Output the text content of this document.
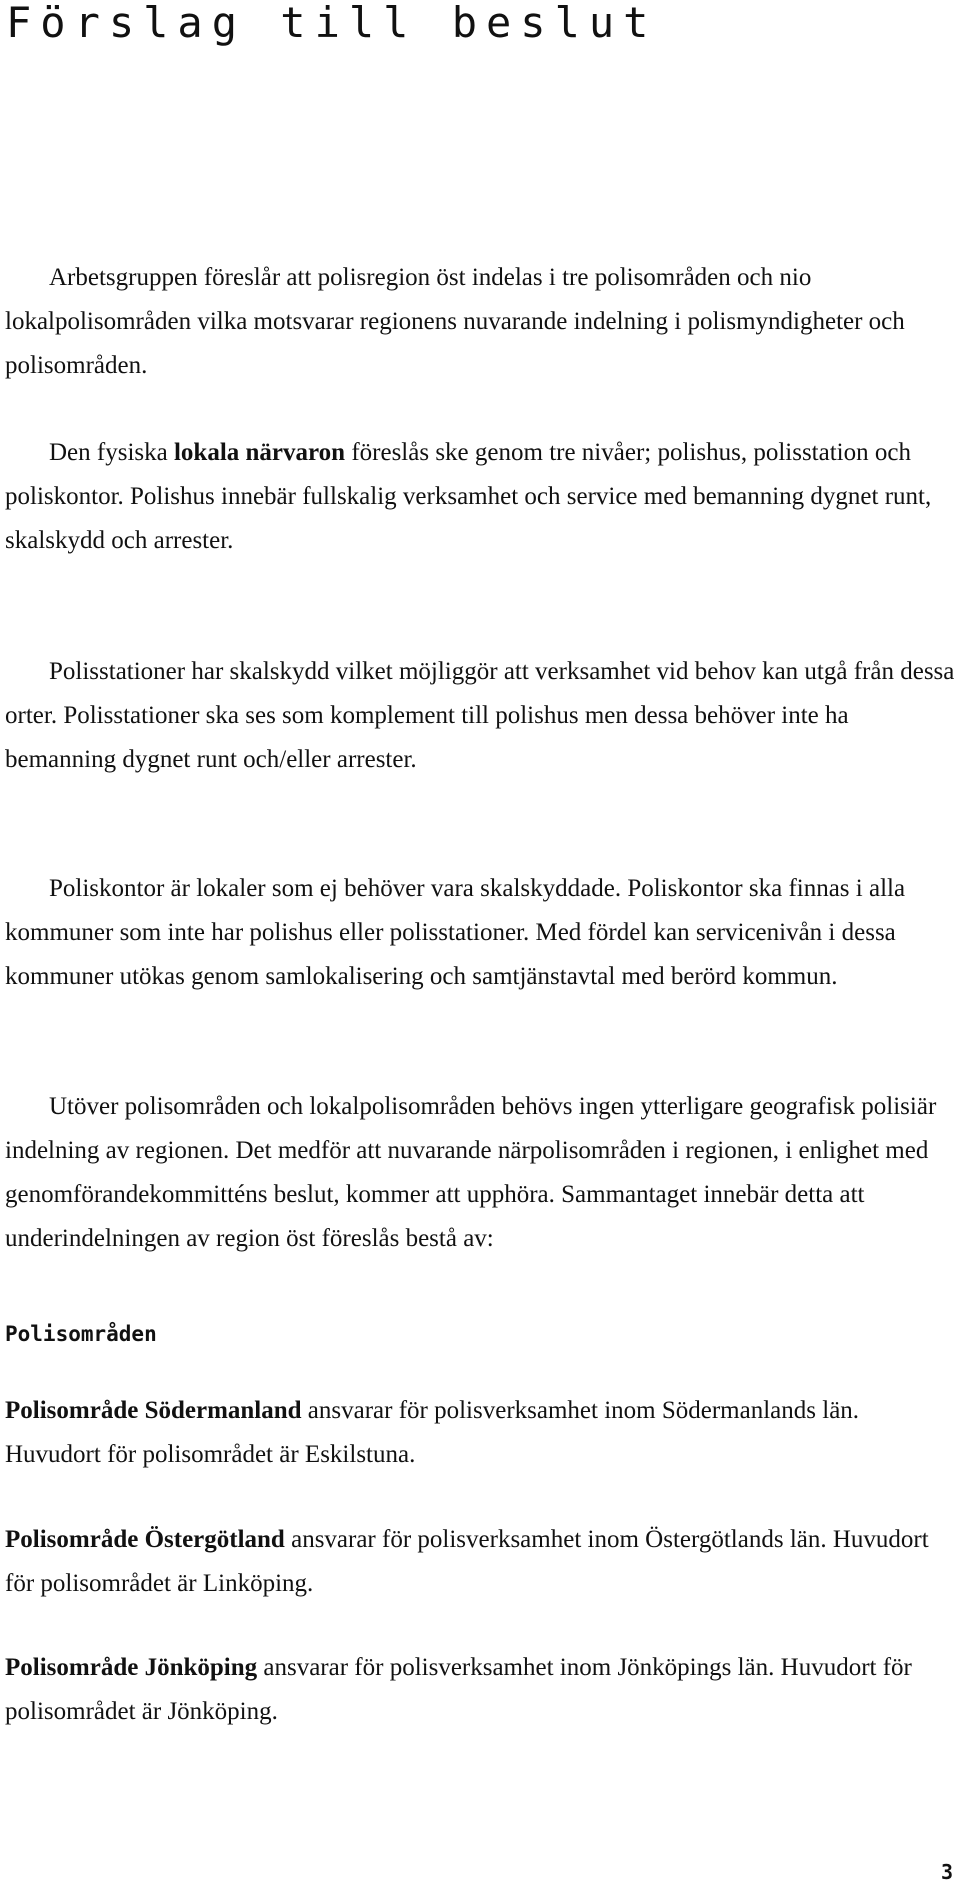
Förslag till beslut

Arbetsgruppen föreslår att polisregion öst indelas i tre polisområden och nio lokalpolisområden vilka motsvarar regionens nuvarande indelning i polismyndigheter och polisområden.

Den fysiska lokala närvaron föreslås ske genom tre nivåer; polishus, polisstation och poliskontor. Polishus innebär fullskalig verksamhet och service med bemanning dygnet runt, skalskydd och arrester.

Polisstationer har skalskydd vilket möjliggör att verksamhet vid behov kan utgå från dessa orter. Polisstationer ska ses som komplement till polishus men dessa behöver inte ha bemanning dygnet runt och/eller arrester.

Poliskontor är lokaler som ej behöver vara skalskyddade. Poliskontor ska finnas i alla kommuner som inte har polishus eller polisstationer. Med fördel kan servicenivån i dessa kommuner utökas genom samlokalisering och samtjänstavtal med berörd kommun.

Utöver polisområden och lokalpolisområden behövs ingen ytterligare geografisk polisiär indelning av regionen. Det medför att nuvarande närpolisområden i regionen, i enlighet med genomförandekommitténs beslut, kommer att upphöra. Sammantaget innebär detta att underindelningen av region öst föreslås bestå av:

Polisområden

Polisområde Södermanland ansvarar för polisverksamhet inom Södermanlands län. Huvudort för polisområdet är Eskilstuna.

Polisområde Östergötland ansvarar för polisverksamhet inom Östergötlands län. Huvudort för polisområdet är Linköping.

Polisområde Jönköping ansvarar för polisverksamhet inom Jönköpings län. Huvudort för polisområdet är Jönköping.

3
